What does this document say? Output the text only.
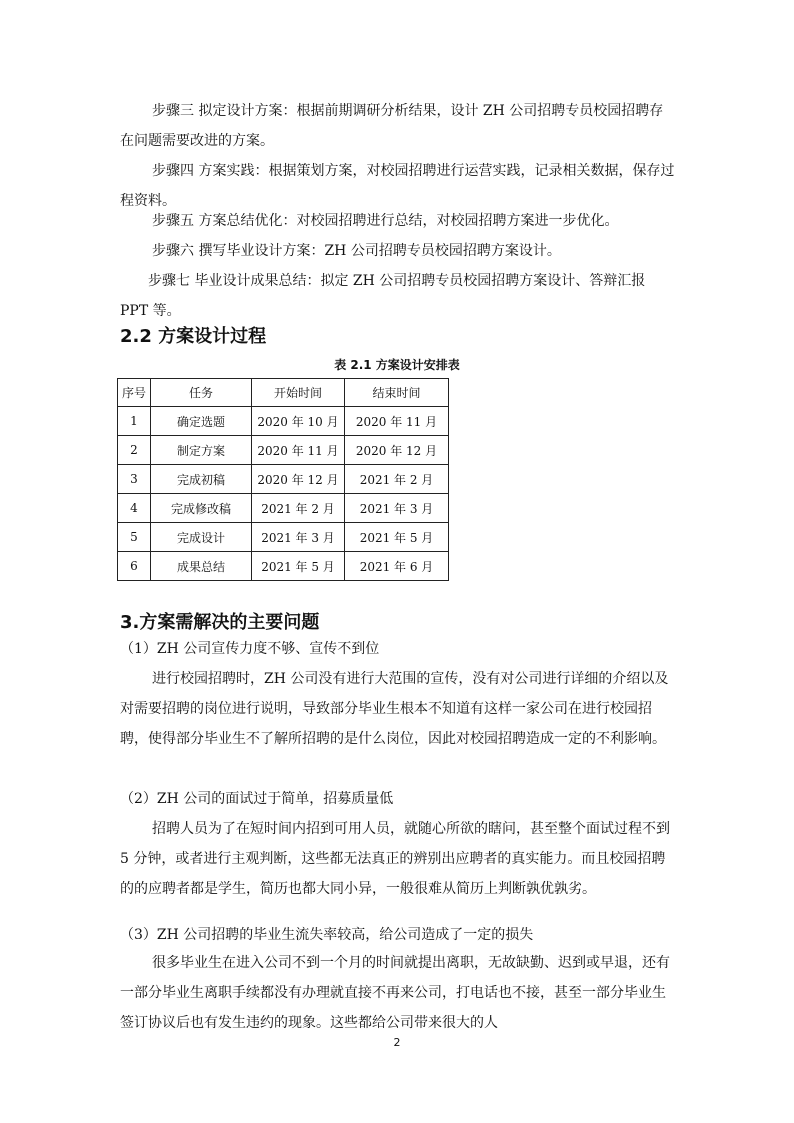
步骤三 拟定设计方案：根据前期调研分析结果，设计 ZH 公司招聘专员校园招聘存在问题需要改进的方案。

步骤四 方案实践：根据策划方案，对校园招聘进行运营实践，记录相关数据，保存过程资料。

步骤五 方案总结优化：对校园招聘进行总结，对校园招聘方案进一步优化。

步骤六 撰写毕业设计方案：ZH 公司招聘专员校园招聘方案设计。

步骤七 毕业设计成果总结：拟定 ZH 公司招聘专员校园招聘方案设计、答辩汇报 PPT 等。

2.2 方案设计过程
表 2.1 方案设计安排表
序号	任务	开始时间	结束时间
1	确定选题	2020 年 10 月	2020 年 11 月
2	制定方案	2020 年 11 月	2020 年 12 月
3	完成初稿	2020 年 12 月	2021 年 2 月
4	完成修改稿	2021 年 2 月	2021 年 3 月
5	完成设计	2021 年 3 月	2021 年 5 月
6	成果总结	2021 年 5 月	2021 年 6 月
3.方案需解决的主要问题

（1）ZH 公司宣传力度不够、宣传不到位

进行校园招聘时，ZH 公司没有进行大范围的宣传，没有对公司进行详细的介绍以及对需要招聘的岗位进行说明，导致部分毕业生根本不知道有这样一家公司在进行校园招聘，使得部分毕业生不了解所招聘的是什么岗位，因此对校园招聘造成一定的不利影响。

（2）ZH 公司的面试过于简单，招募质量低

招聘人员为了在短时间内招到可用人员，就随心所欲的瞎问，甚至整个面试过程不到 5 分钟，或者进行主观判断，这些都无法真正的辨别出应聘者的真实能力。而且校园招聘的的应聘者都是学生，简历也都大同小异，一般很难从简历上判断孰优孰劣。

（3）ZH 公司招聘的毕业生流失率较高，给公司造成了一定的损失

很多毕业生在进入公司不到一个月的时间就提出离职，无故缺勤、迟到或早退，还有一部分毕业生离职手续都没有办理就直接不再来公司，打电话也不接，甚至一部分毕业生签订协议后也有发生违约的现象。这些都给公司带来很大的人

2
